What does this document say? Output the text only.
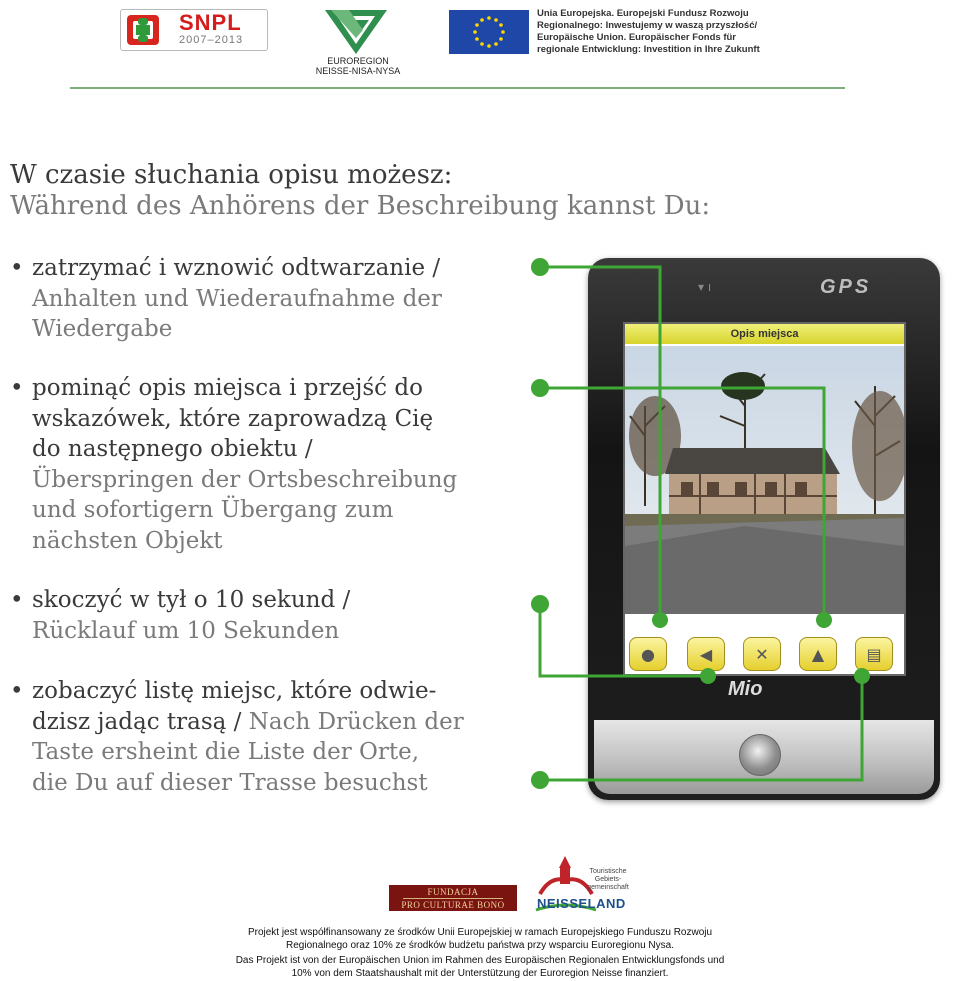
SNPL
2007–2013
EUROREGION
NEISSE-NISA-NYSA
Unia Europejska. Europejski Fundusz Rozwoju
Regionalnego: Inwestujemy w waszą przyszłość/
Europäische Union. Europäischer Fonds für
regionale Entwicklung: Investition in Ihre Zukunft
W czasie słuchania opisu możesz:
Während des Anhörens der Beschreibung kannst Du:
• zatrzymać i wznowić odtwarzanie /
Anhalten und Wiederaufnahme der
Wiedergabe
• pominąć opis miejsca i przejść do
wskazówek, które zaprowadzą Cię
do następnego obiektu /
Überspringen der Ortsbeschreibung
und sofortigern Übergang zum
nächsten Objekt
• skoczyć w tył o 10 sekund /
Rücklauf um 10 Sekunden
• zobaczyć listę miejsc, które odwie-
dzisz jadąc trasą / Nach Drücken der
Taste ersheint die Liste der Orte,
die Du auf dieser Trasse besuchst
▾ ı	GPS
Opis miejsca
●	◀	✕	▲	▤
Mio
FUNDACJA
PRO CULTURAE BONO
Touristische
Gebiets-
gemeinschaft
NEISSELAND
Projekt jest współfinansowany ze środków Unii Europejskiej w ramach Europejskiego Funduszu Rozwoju
Regionalnego oraz 10% ze środków budżetu państwa przy wsparciu Euroregionu Nysa.
Das Projekt ist von der Europäischen Union im Rahmen des Europäischen Regionalen Entwicklungsfonds und
10% von dem Staatshaushalt mit der Unterstützung der Euroregion Neisse finanziert.
